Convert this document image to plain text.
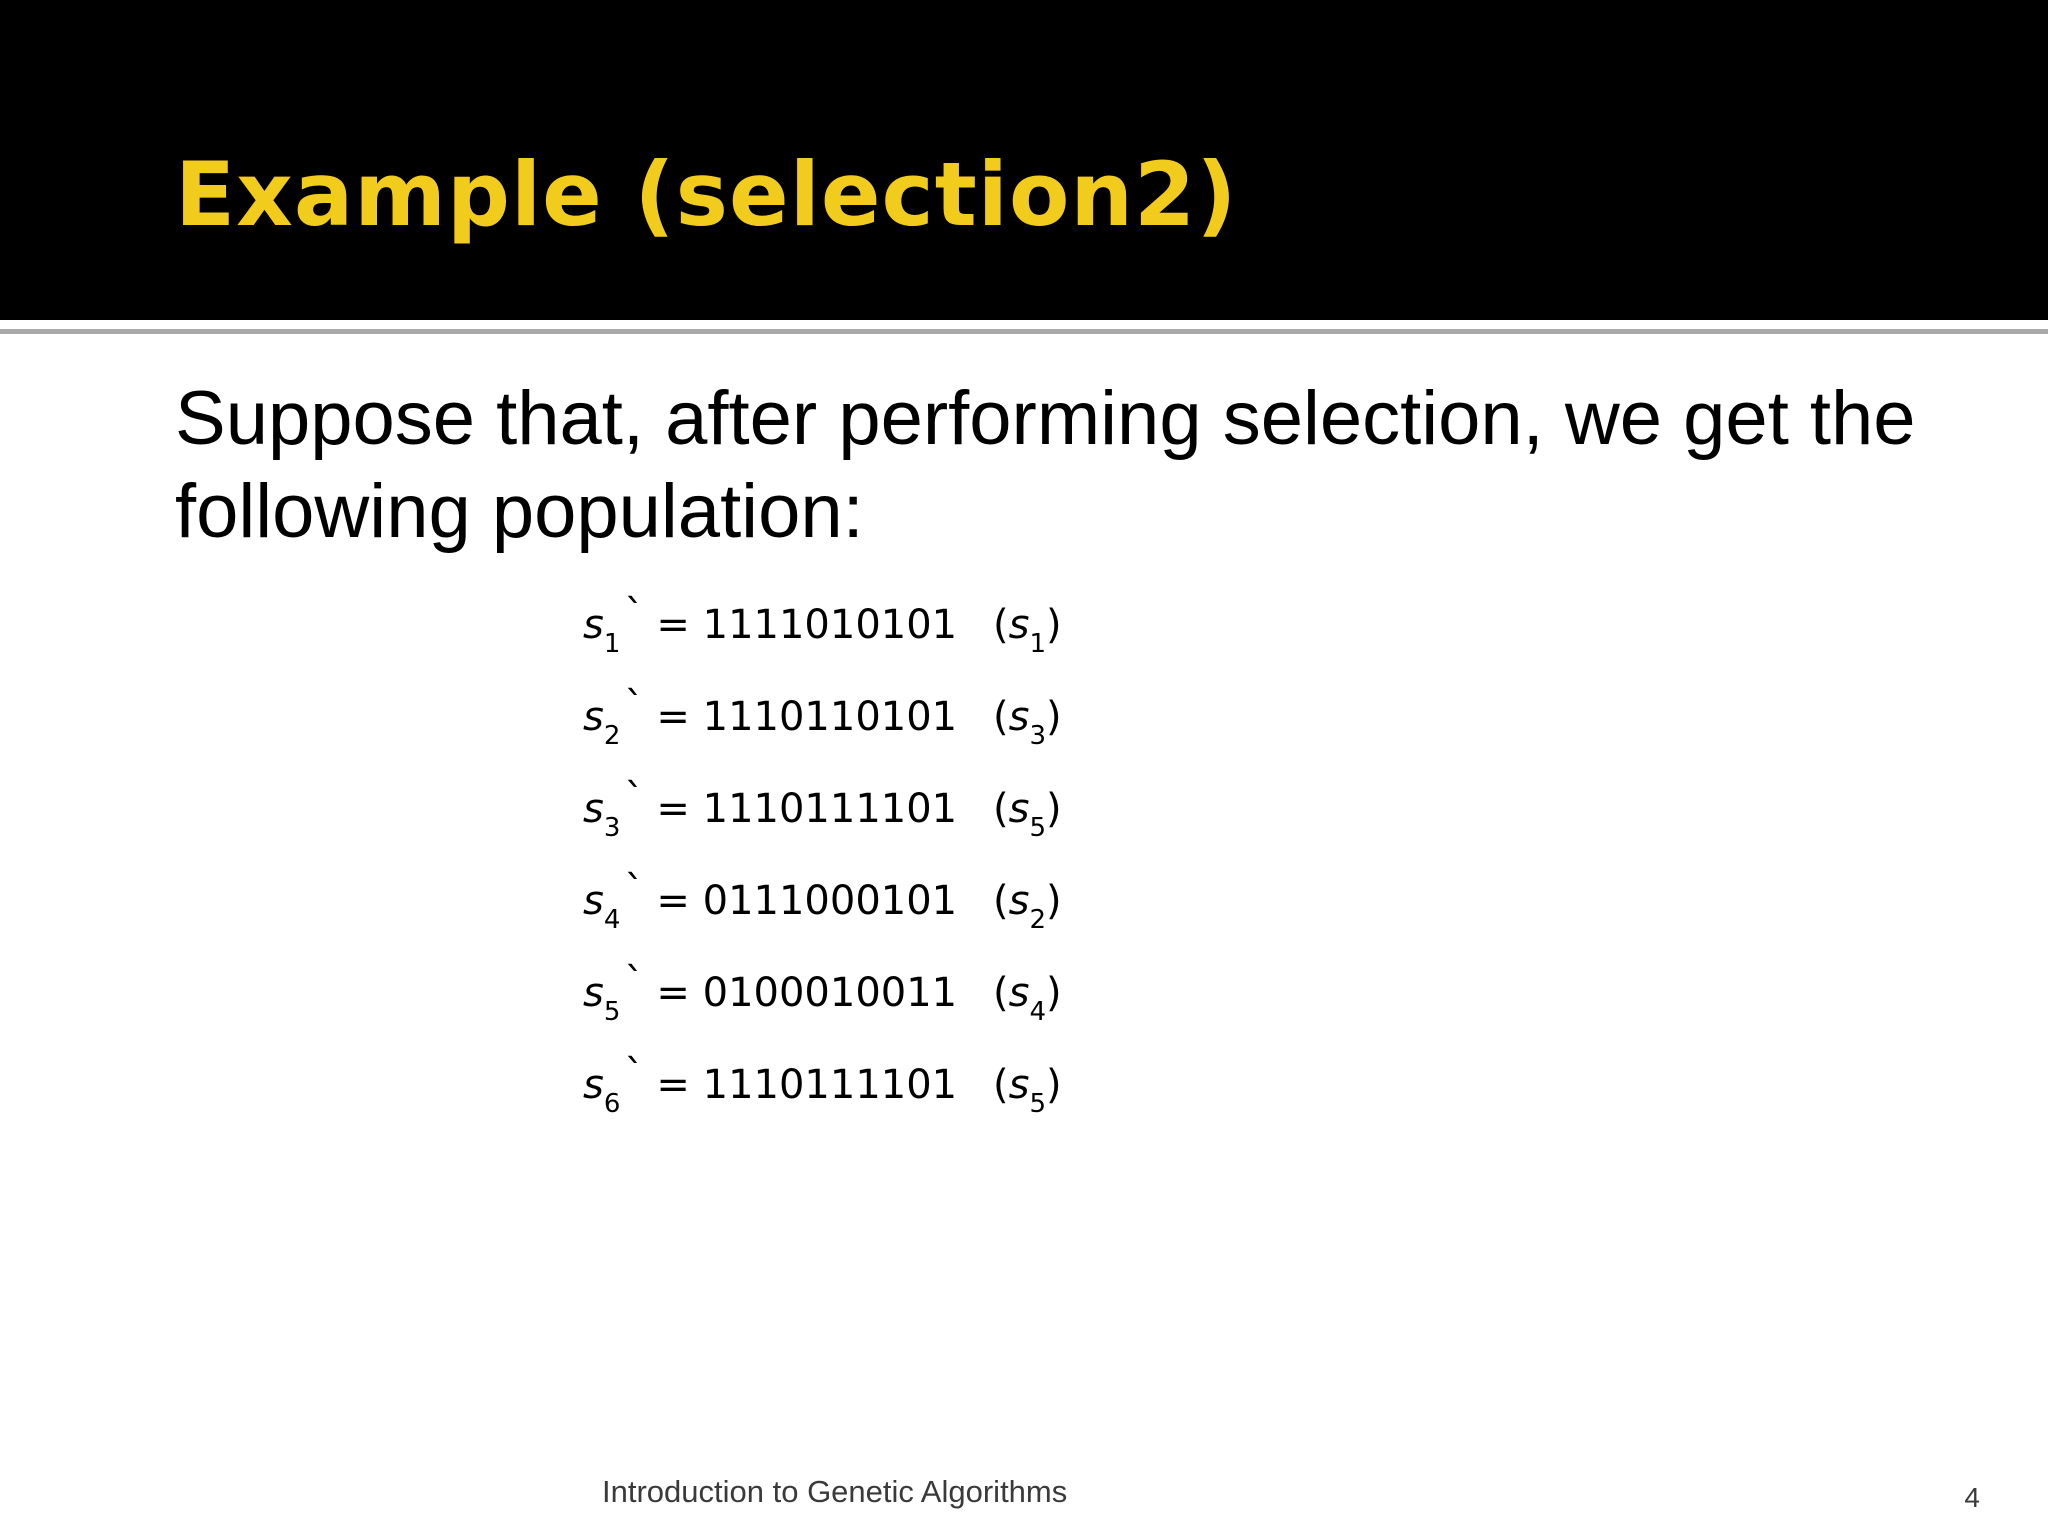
Example (selection2)
Suppose that, after performing selection, we get the following population:
$s_1` = 1111010101$ $(s_1)$
$s_2` = 1110110101$ $(s_3)$
$s_3` = 1110111101$ $(s_5)$
$s_4` = 0111000101$ $(s_2)$
$s_5` = 0100010011$ $(s_4)$
$s_6` = 1110111101$ $(s_5)$
Introduction to Genetic Algorithms	4
